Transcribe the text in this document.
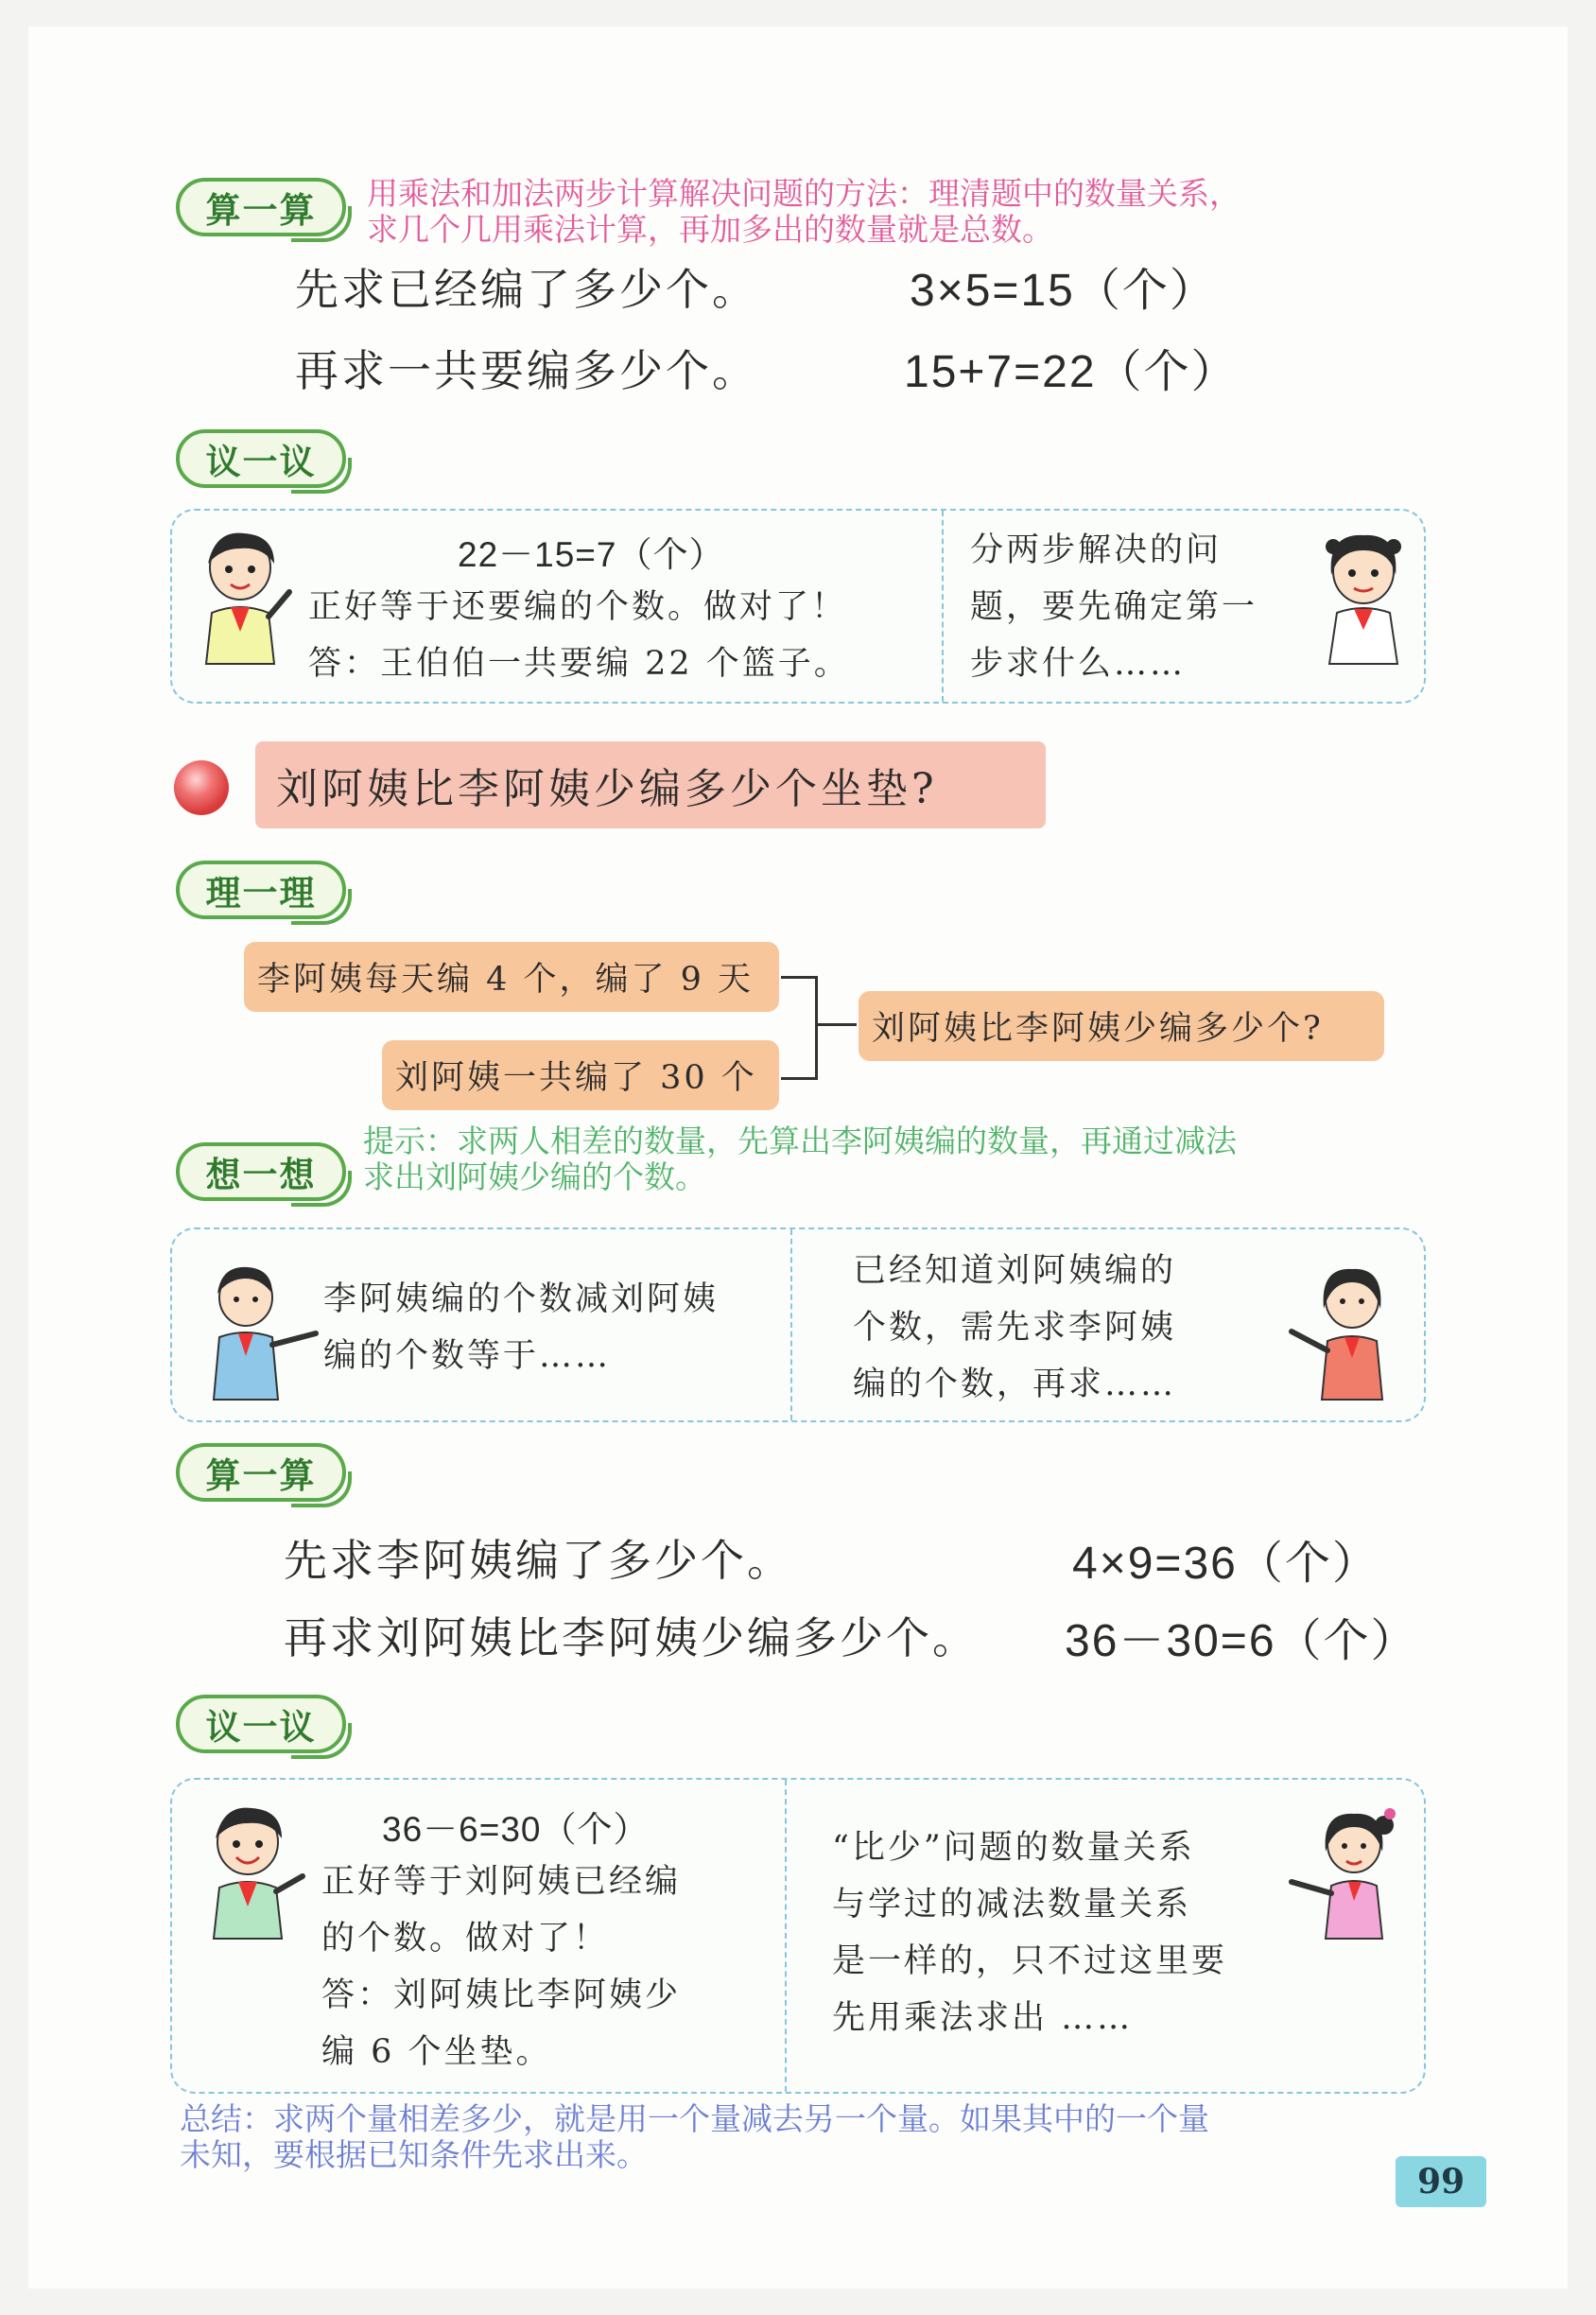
算一算 用乘法和加法两步计算解决问题的方法：理清题中的数量关系，
求几个几用乘法计算，再加多出的数量就是总数。
先求已经编了多少个。	3×5=15（个）
再求一共要编多少个。	15+7=22（个）
议一议
22－15=7（个）
正好等于还要编的个数。做对了！
答：王伯伯一共要编 22 个篮子。
分两步解决的问
题，要先确定第一
步求什么……
刘阿姨比李阿姨少编多少个坐垫?
理一理
李阿姨每天编 4 个，编了 9 天
刘阿姨一共编了 30 个
刘阿姨比李阿姨少编多少个?
想一想
提示：求两人相差的数量，先算出李阿姨编的数量，再通过减法
求出刘阿姨少编的个数。
李阿姨编的个数减刘阿姨
编的个数等于……
已经知道刘阿姨编的
个数，需先求李阿姨
编的个数，再求……
算一算
先求李阿姨编了多少个。	4×9=36（个）
再求刘阿姨比李阿姨少编多少个。 36－30=6（个）
议一议
36－6=30（个）
正好等于刘阿姨已经编
的个数。做对了！
答：刘阿姨比李阿姨少
编 6 个坐垫。
“比少”问题的数量关系
与学过的减法数量关系
是一样的，只不过这里要
先用乘法求出 ……
总结：求两个量相差多少，就是用一个量减去另一个量。如果其中的一个量
未知，要根据已知条件先求出来。
99
